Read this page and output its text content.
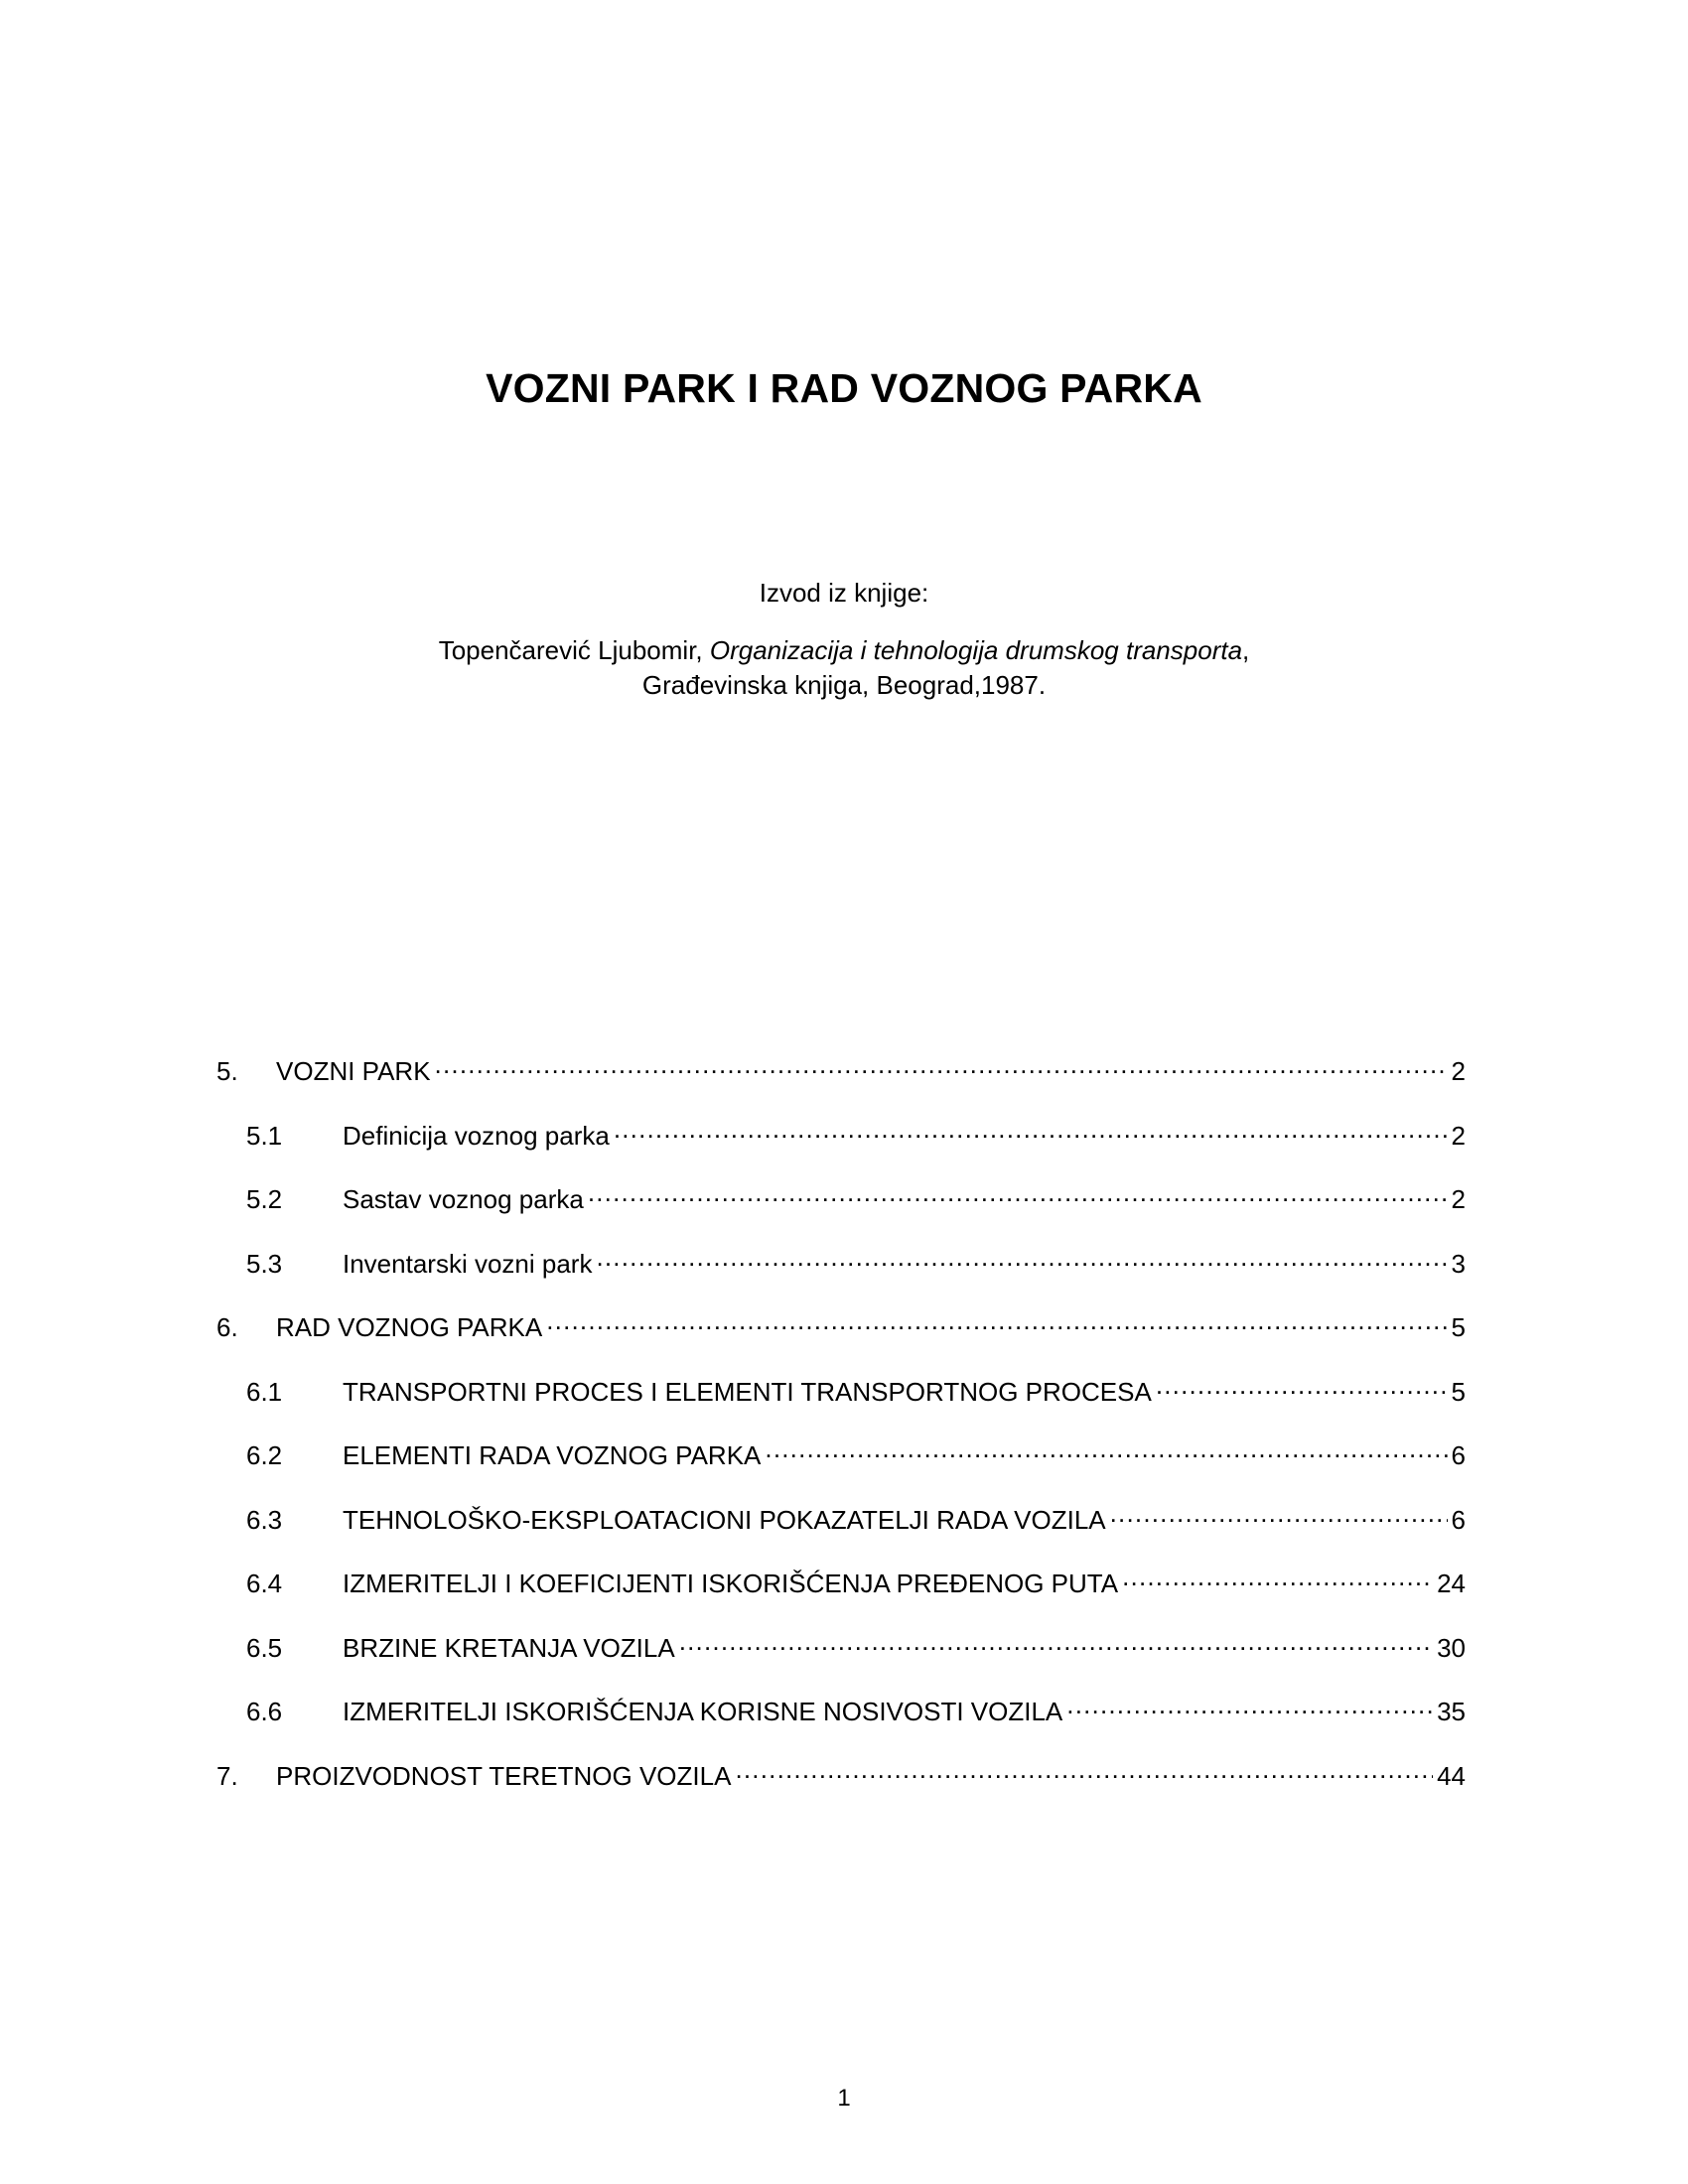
VOZNI PARK I RAD VOZNOG PARKA
Izvod iz knjige:
Topenčarević Ljubomir, Organizacija i tehnologija drumskog transporta,
Građevinska knjiga, Beograd,1987.
5.	VOZNI PARK .....	2
5.1	Definicija voznog parka .....	2
5.2	Sastav voznog parka .....	2
5.3	Inventarski vozni park .....	3
6.	RAD VOZNOG PARKA .....	5
6.1	TRANSPORTNI PROCES I ELEMENTI TRANSPORTNOG PROCESA .....	5
6.2	ELEMENTI RADA VOZNOG PARKA .....	6
6.3	TEHNOLOŠKO-EKSPLOATACIONI POKAZATELJI RADA VOZILA .....	6
6.4	IZMERITELJI I KOEFICIJENTI ISKORIŠĆENJA PREĐENOG PUTA .....	24
6.5	BRZINE KRETANJA VOZILA .....	30
6.6	IZMERITELJI ISKORIŠĆENJA KORISNE NOSIVOSTI VOZILA .....	35
7.	PROIZVODNOST TERETNOG VOZILA .....	44
1
